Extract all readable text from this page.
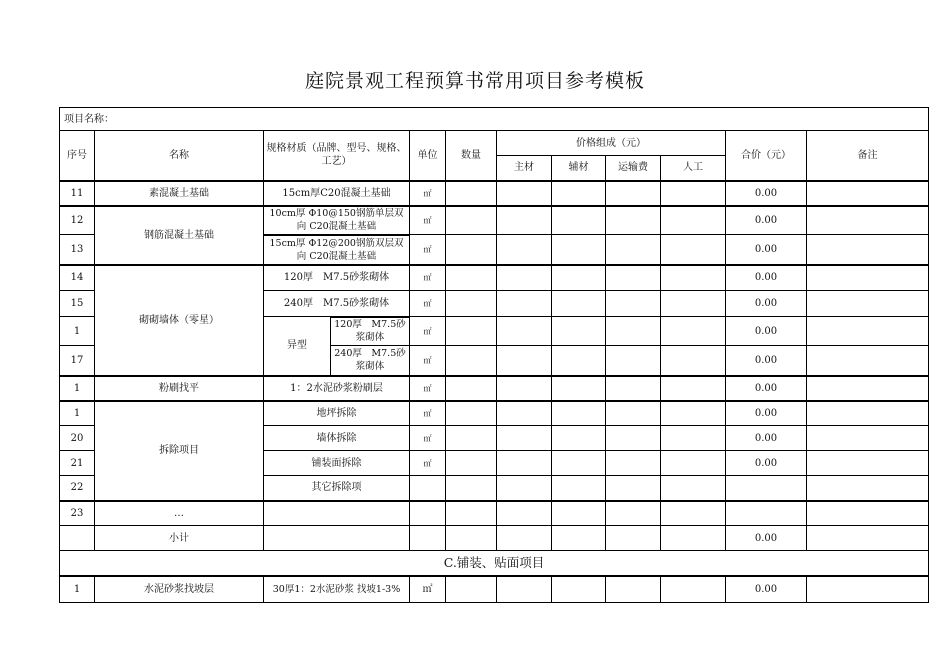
庭院景观工程预算书常用项目参考模板
项目名称：											
序号	名称	规格材质（品牌、型号、规格、工艺）		单位	数量	价格组成（元）				合价（元）	备注
						主材	辅材	运输费	人工		
11	素混凝土基础	15cm厚C20混凝土基础		㎡						0.00	
12	钢筋混凝土基础	10cm厚 Φ10@150钢筋单层双向 C20混凝土基础		㎡						0.00	
13		15cm厚 Φ12@200钢筋双层双向 C20混凝土基础		㎡						0.00	
14	砌砌墙体（零星）	120厚　M7.5砂浆砌体		㎡						0.00	
15		240厚　M7.5砂浆砌体		㎡						0.00	
1		异型	120厚　M7.5砂浆砌体	㎡						0.00	
17			240厚　M7.5砂浆砌体	㎡						0.00	
1	粉刷找平	1：2水泥砂浆粉刷层		㎡						0.00	
1	拆除项目	地坪拆除		㎡						0.00	
20		墙体拆除		㎡						0.00	
21		铺装面拆除		㎡						0.00	
22		其它拆除项									
23	…										
	小计									0.00	
C.铺装、贴面项目											
1	水泥砂浆找坡层	30厚1：2水泥砂浆 找坡1-3%		㎡						0.00	
